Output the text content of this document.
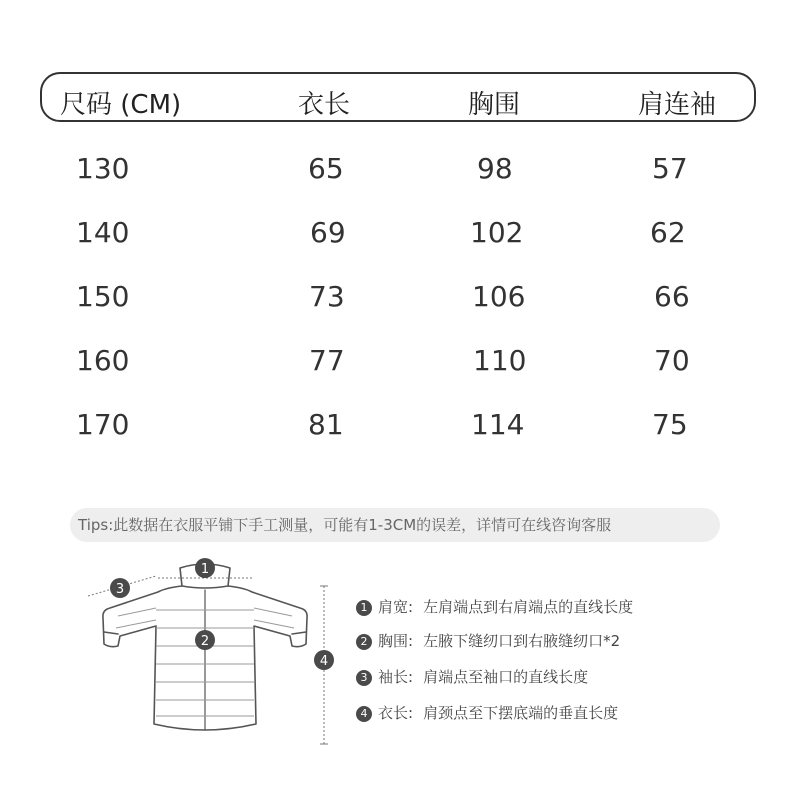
尺码 (CM)	衣长	胸围	肩连袖
130	65	98	57
140	69	102	62
150	73	106	66
160	77	110	70
170	81	114	75
Tips:此数据在衣服平铺下手工测量，可能有1-3CM的误差，详情可在线咨询客服
1
2
3
4
1 肩宽: 左肩端点到右肩端点的直线长度
2 胸围: 左腋下缝纫口到右腋缝纫口*2
3 袖长: 肩端点至袖口的直线长度
4 衣长: 肩颈点至下摆底端的垂直长度
